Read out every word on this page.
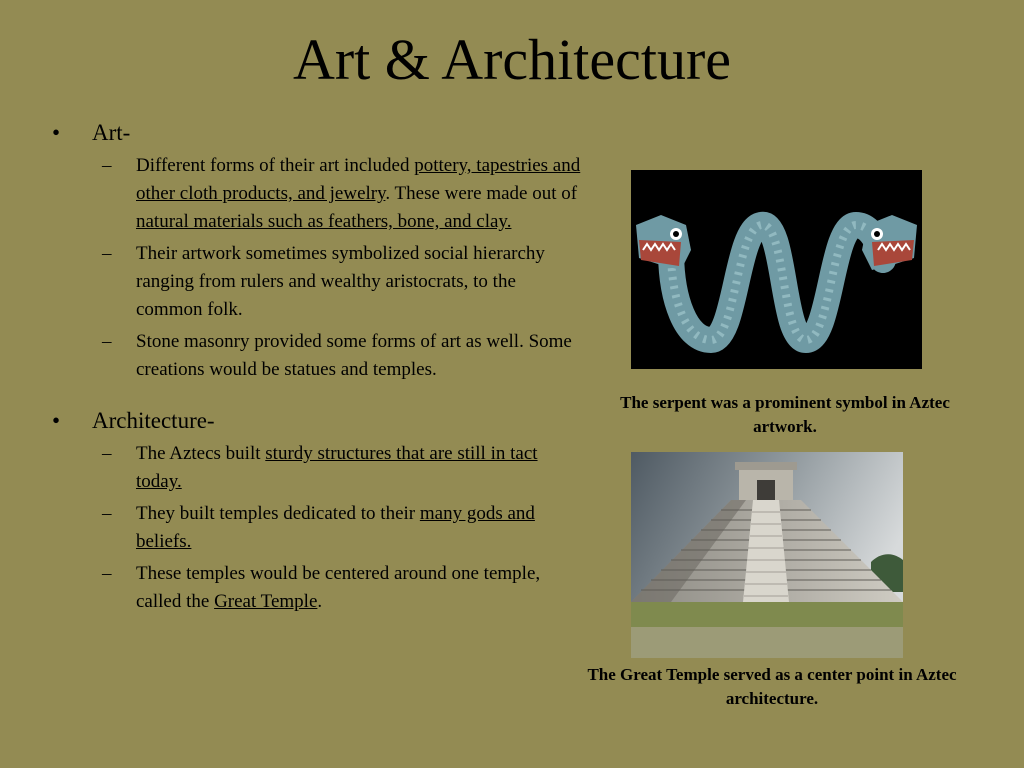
Art & Architecture
• Art-
– Different forms of their art included pottery, tapestries and other cloth products, and jewelry. These were made out of natural materials such as feathers, bone, and clay.
– Their artwork sometimes symbolized social hierarchy ranging from rulers and wealthy aristocrats, to the common folk.
– Stone masonry provided some forms of art as well. Some creations would be statues and temples.
• Architecture-
– The Aztecs built sturdy structures that are still in tact today.
– They built temples dedicated to their many gods and beliefs.
– These temples would be centered around one temple, called the Great Temple.
The serpent was a prominent symbol in Aztec artwork.
The Great Temple served as a center point in Aztec architecture.
